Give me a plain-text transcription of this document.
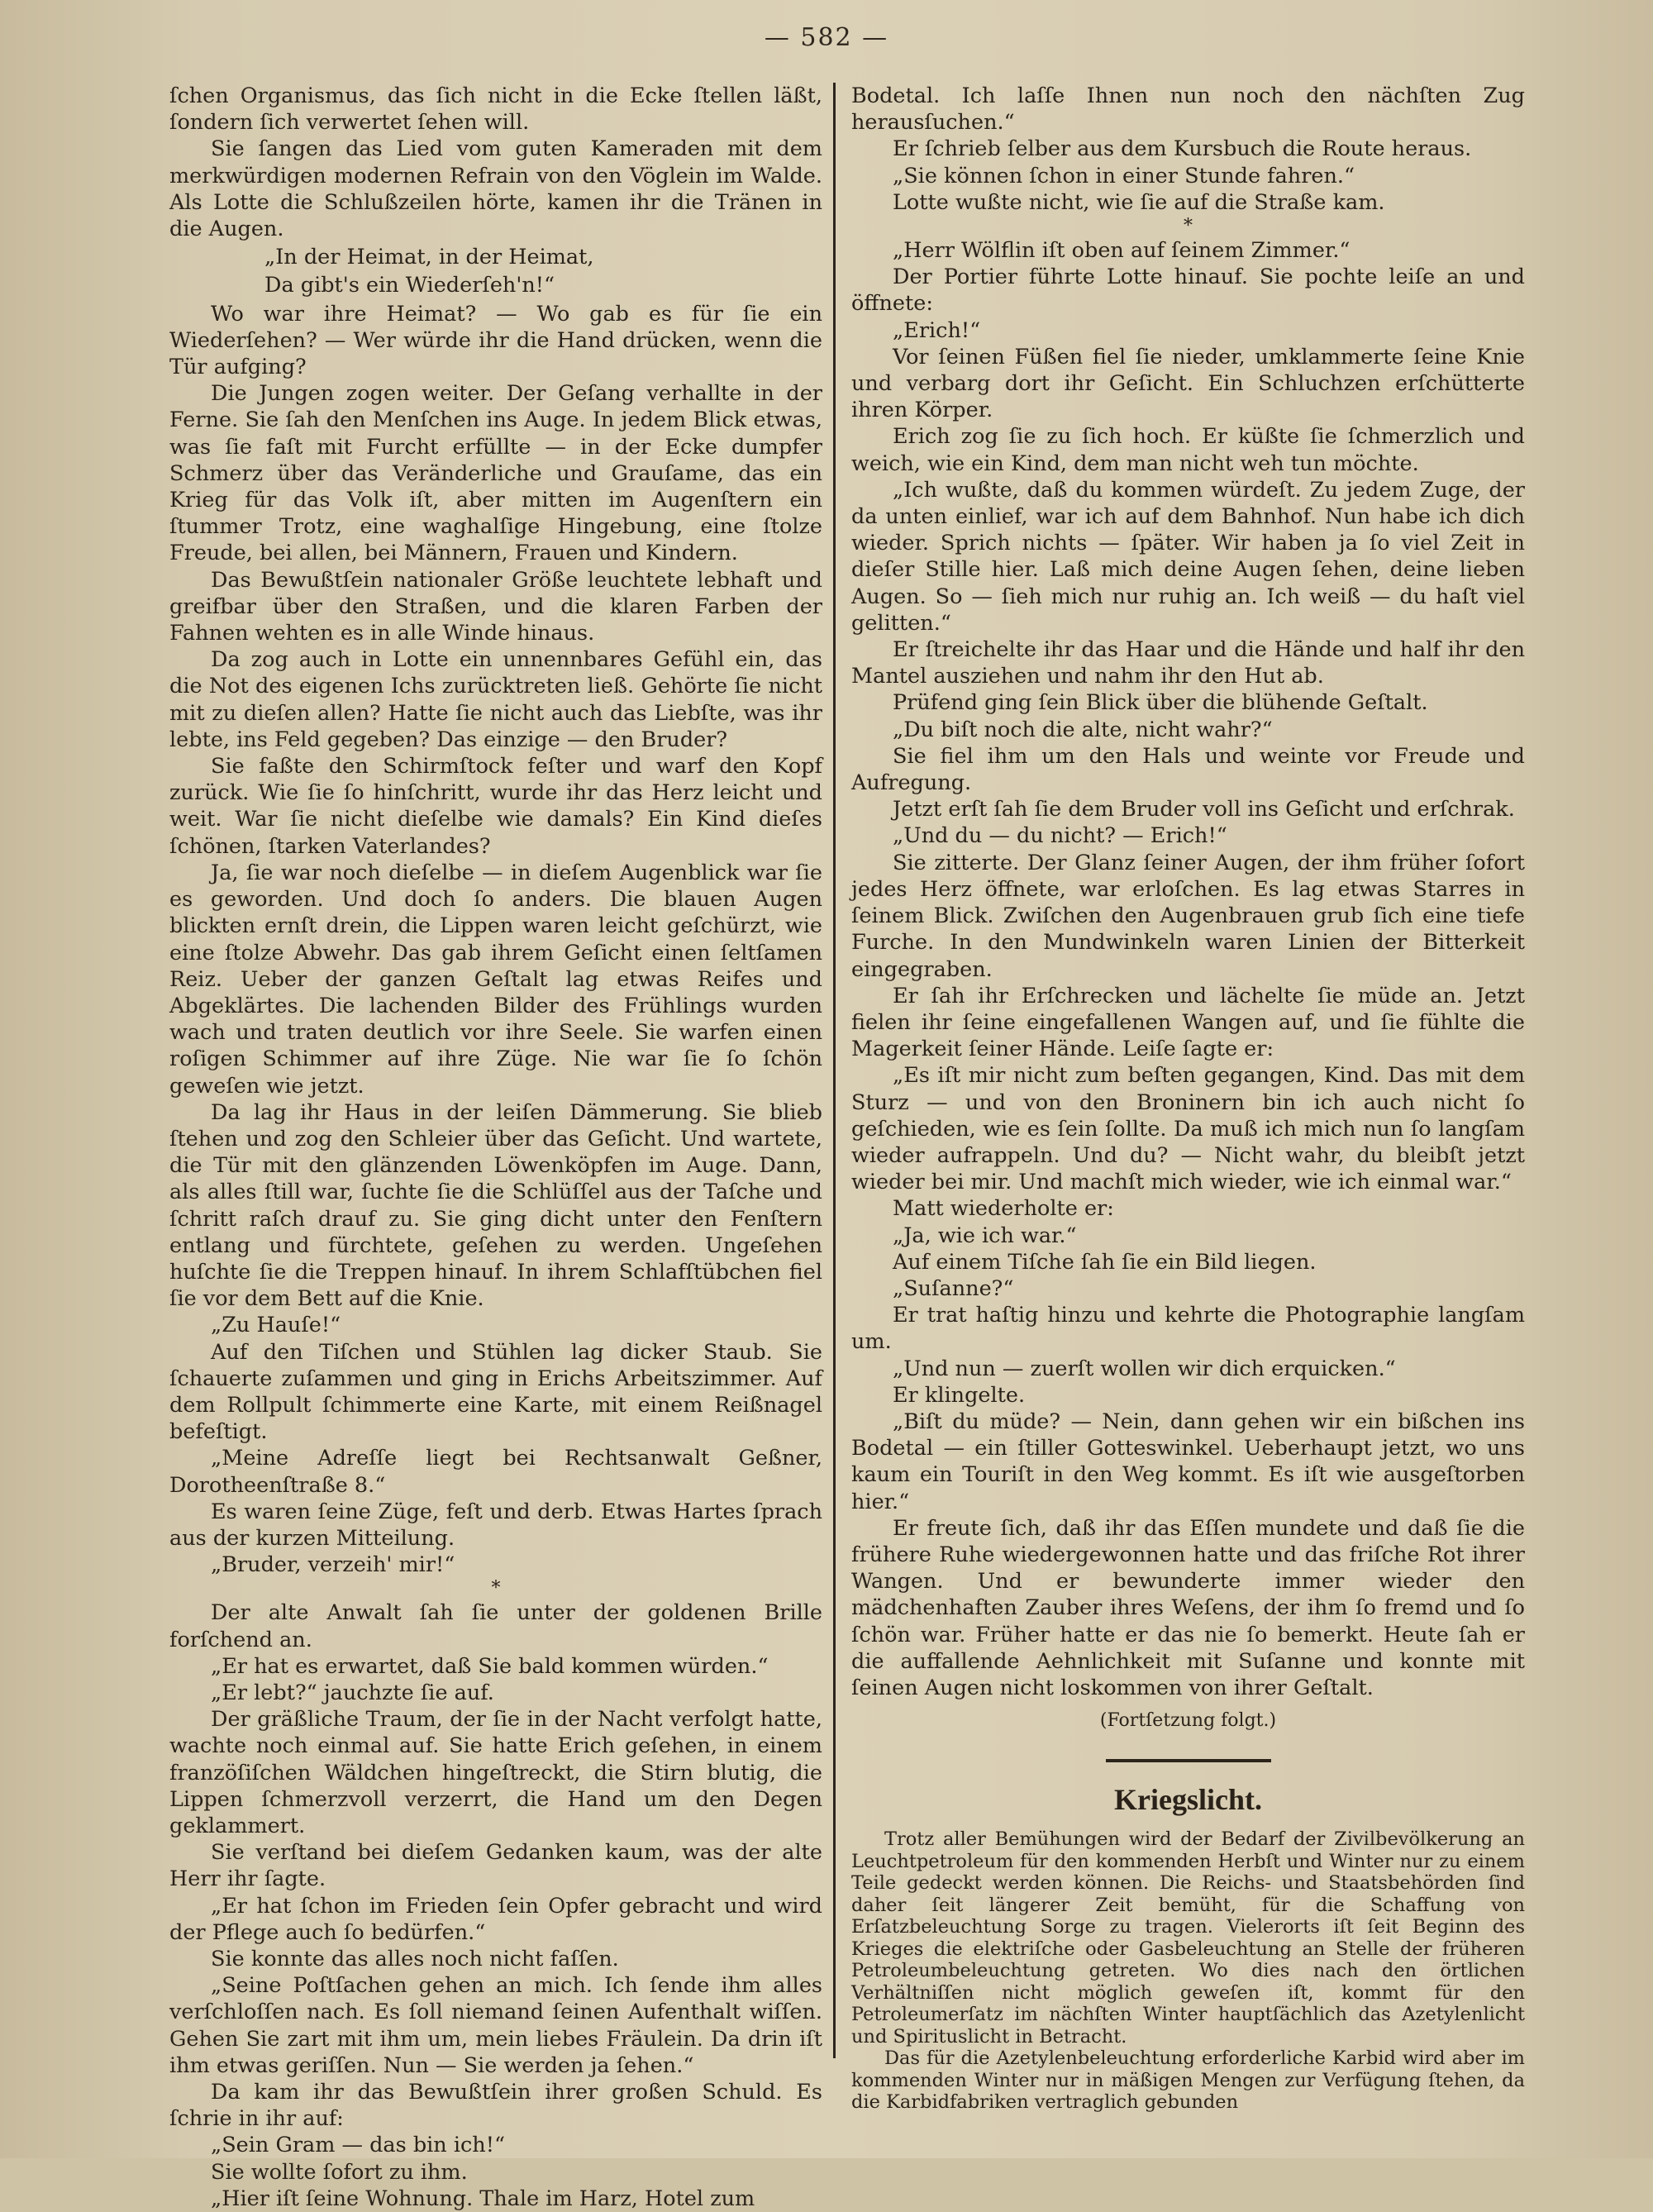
— 582 —

ſchen Organismus, das ſich nicht in die Ecke ſtellen läßt, ſondern ſich verwertet ſehen will.

Sie ſangen das Lied vom guten Kameraden mit dem merkwürdigen modernen Refrain von den Vöglein im Walde. Als Lotte die Schlußzeilen hörte, kamen ihr die Tränen in die Augen.

„In der Heimat, in der Heimat,

Da gibt's ein Wiederſeh'n!“

Wo war ihre Heimat? — Wo gab es für ſie ein Wiederſehen? — Wer würde ihr die Hand drücken, wenn die Tür aufging?

Die Jungen zogen weiter. Der Geſang verhallte in der Ferne. Sie ſah den Menſchen ins Auge. In jedem Blick etwas, was ſie faſt mit Furcht erfüllte — in der Ecke dumpfer Schmerz über das Veränderliche und Grauſame, das ein Krieg für das Volk iſt, aber mitten im Augenſtern ein ſtummer Trotz, eine waghalſige Hingebung, eine ſtolze Freude, bei allen, bei Männern, Frauen und Kindern.

Das Bewußtſein nationaler Größe leuchtete lebhaft und greifbar über den Straßen, und die klaren Farben der Fahnen wehten es in alle Winde hinaus.

Da zog auch in Lotte ein unnennbares Gefühl ein, das die Not des eigenen Ichs zurücktreten ließ. Gehörte ſie nicht mit zu dieſen allen? Hatte ſie nicht auch das Liebſte, was ihr lebte, ins Feld gegeben? Das einzige — den Bruder?

Sie faßte den Schirmſtock feſter und warf den Kopf zurück. Wie ſie ſo hinſchritt, wurde ihr das Herz leicht und weit. War ſie nicht dieſelbe wie damals? Ein Kind dieſes ſchönen, ſtarken Vaterlandes?

Ja, ſie war noch dieſelbe — in dieſem Augenblick war ſie es geworden. Und doch ſo anders. Die blauen Augen blickten ernſt drein, die Lippen waren leicht geſchürzt, wie eine ſtolze Abwehr. Das gab ihrem Geſicht einen ſeltſamen Reiz. Ueber der ganzen Geſtalt lag etwas Reifes und Abgeklärtes. Die lachenden Bilder des Frühlings wurden wach und traten deutlich vor ihre Seele. Sie warfen einen roſigen Schimmer auf ihre Züge. Nie war ſie ſo ſchön geweſen wie jetzt.

Da lag ihr Haus in der leiſen Dämmerung. Sie blieb ſtehen und zog den Schleier über das Geſicht. Und wartete, die Tür mit den glänzenden Löwenköpfen im Auge. Dann, als alles ſtill war, ſuchte ſie die Schlüſſel aus der Taſche und ſchritt raſch drauf zu. Sie ging dicht unter den Fenſtern entlang und fürchtete, geſehen zu werden. Ungeſehen huſchte ſie die Treppen hinauf. In ihrem Schlafſtübchen fiel ſie vor dem Bett auf die Knie.

„Zu Hauſe!“

Auf den Tiſchen und Stühlen lag dicker Staub. Sie ſchauerte zuſammen und ging in Erichs Arbeitszimmer. Auf dem Rollpult ſchimmerte eine Karte, mit einem Reißnagel befeſtigt.

„Meine Adreſſe liegt bei Rechtsanwalt Geßner, Dorotheenſtraße 8.“

Es waren ſeine Züge, feſt und derb. Etwas Hartes ſprach aus der kurzen Mitteilung.

„Bruder, verzeih' mir!“

*

Der alte Anwalt ſah ſie unter der goldenen Brille forſchend an.

„Er hat es erwartet, daß Sie bald kommen würden.“

„Er lebt?“ jauchzte ſie auf.

Der gräßliche Traum, der ſie in der Nacht verfolgt hatte, wachte noch einmal auf. Sie hatte Erich geſehen, in einem franzöſiſchen Wäldchen hingeſtreckt, die Stirn blutig, die Lippen ſchmerzvoll verzerrt, die Hand um den Degen geklammert.

Sie verſtand bei dieſem Gedanken kaum, was der alte Herr ihr ſagte.

„Er hat ſchon im Frieden ſein Opfer gebracht und wird der Pflege auch ſo bedürfen.“

Sie konnte das alles noch nicht faſſen.

„Seine Poſtſachen gehen an mich. Ich ſende ihm alles verſchloſſen nach. Es ſoll niemand ſeinen Aufenthalt wiſſen. Gehen Sie zart mit ihm um, mein liebes Fräulein. Da drin iſt ihm etwas geriſſen. Nun — Sie werden ja ſehen.“

Da kam ihr das Bewußtſein ihrer großen Schuld. Es ſchrie in ihr auf:

„Sein Gram — das bin ich!“

Sie wollte ſofort zu ihm.

„Hier iſt ſeine Wohnung. Thale im Harz, Hotel zum

Bodetal. Ich laſſe Ihnen nun noch den nächſten Zug herausſuchen.“

Er ſchrieb ſelber aus dem Kursbuch die Route heraus.

„Sie können ſchon in einer Stunde fahren.“

Lotte wußte nicht, wie ſie auf die Straße kam.

*

„Herr Wölflin iſt oben auf ſeinem Zimmer.“

Der Portier führte Lotte hinauf. Sie pochte leiſe an und öffnete:

„Erich!“

Vor ſeinen Füßen fiel ſie nieder, umklammerte ſeine Knie und verbarg dort ihr Geſicht. Ein Schluchzen erſchütterte ihren Körper.

Erich zog ſie zu ſich hoch. Er küßte ſie ſchmerzlich und weich, wie ein Kind, dem man nicht weh tun möchte.

„Ich wußte, daß du kommen würdeſt. Zu jedem Zuge, der da unten einlief, war ich auf dem Bahnhof. Nun habe ich dich wieder. Sprich nichts — ſpäter. Wir haben ja ſo viel Zeit in dieſer Stille hier. Laß mich deine Augen ſehen, deine lieben Augen. So — ſieh mich nur ruhig an. Ich weiß — du haſt viel gelitten.“

Er ſtreichelte ihr das Haar und die Hände und half ihr den Mantel ausziehen und nahm ihr den Hut ab.

Prüfend ging ſein Blick über die blühende Geſtalt.

„Du biſt noch die alte, nicht wahr?“

Sie fiel ihm um den Hals und weinte vor Freude und Aufregung.

Jetzt erſt ſah ſie dem Bruder voll ins Geſicht und erſchrak.

„Und du — du nicht? — Erich!“

Sie zitterte. Der Glanz ſeiner Augen, der ihm früher ſofort jedes Herz öffnete, war erloſchen. Es lag etwas Starres in ſeinem Blick. Zwiſchen den Augenbrauen grub ſich eine tiefe Furche. In den Mundwinkeln waren Linien der Bitterkeit eingegraben.

Er ſah ihr Erſchrecken und lächelte ſie müde an. Jetzt fielen ihr ſeine eingefallenen Wangen auf, und ſie fühlte die Magerkeit ſeiner Hände. Leiſe ſagte er:

„Es iſt mir nicht zum beſten gegangen, Kind. Das mit dem Sturz — und von den Broninern bin ich auch nicht ſo geſchieden, wie es ſein ſollte. Da muß ich mich nun ſo langſam wieder aufrappeln. Und du? — Nicht wahr, du bleibſt jetzt wieder bei mir. Und machſt mich wieder, wie ich einmal war.“

Matt wiederholte er:

„Ja, wie ich war.“

Auf einem Tiſche ſah ſie ein Bild liegen.

„Suſanne?“

Er trat haſtig hinzu und kehrte die Photographie langſam um.

„Und nun — zuerſt wollen wir dich erquicken.“

Er klingelte.

„Biſt du müde? — Nein, dann gehen wir ein bißchen ins Bodetal — ein ſtiller Gotteswinkel. Ueberhaupt jetzt, wo uns kaum ein Touriſt in den Weg kommt. Es iſt wie ausgeſtorben hier.“

Er freute ſich, daß ihr das Eſſen mundete und daß ſie die frühere Ruhe wiedergewonnen hatte und das friſche Rot ihrer Wangen. Und er bewunderte immer wieder den mädchenhaften Zauber ihres Weſens, der ihm ſo fremd und ſo ſchön war. Früher hatte er das nie ſo bemerkt. Heute ſah er die auffallende Aehnlichkeit mit Suſanne und konnte mit ſeinen Augen nicht loskommen von ihrer Geſtalt.

(Fortſetzung folgt.)

Kriegslicht.

Trotz aller Bemühungen wird der Bedarf der Zivilbevölkerung an Leuchtpetroleum für den kommenden Herbſt und Winter nur zu einem Teile gedeckt werden können. Die Reichs- und Staatsbehörden ſind daher ſeit längerer Zeit bemüht, für die Schaffung von Erſatzbeleuchtung Sorge zu tragen. Vielerorts iſt ſeit Beginn des Krieges die elektriſche oder Gasbeleuchtung an Stelle der früheren Petroleumbeleuchtung getreten. Wo dies nach den örtlichen Verhältniſſen nicht möglich geweſen iſt, kommt für den Petroleumerſatz im nächſten Winter hauptſächlich das Azetylenlicht und Spirituslicht in Betracht.

Das für die Azetylenbeleuchtung erforderliche Karbid wird aber im kommenden Winter nur in mäßigen Mengen zur Verfügung ſtehen, da die Karbidfabriken vertraglich gebunden
